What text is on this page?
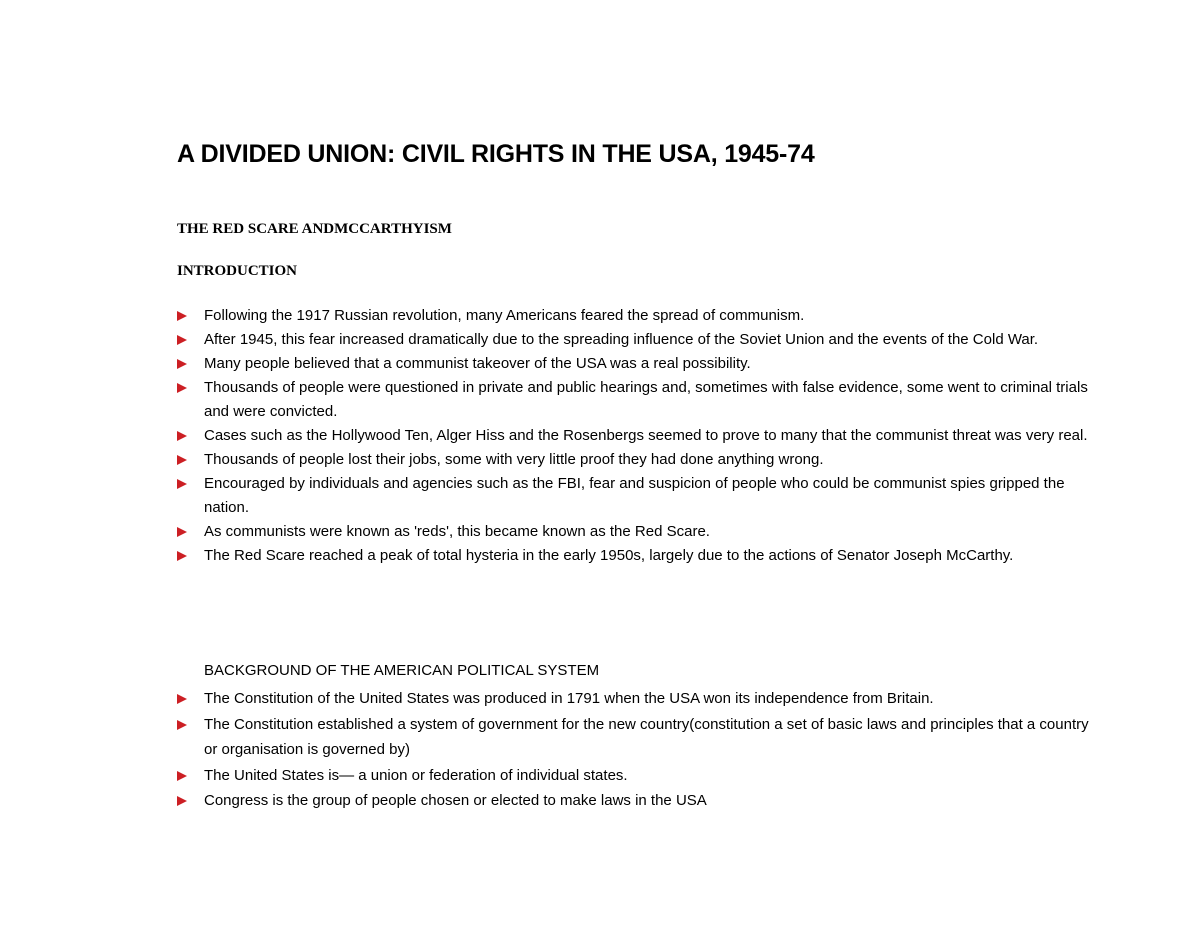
A DIVIDED UNION: CIVIL RIGHTS IN THE USA, 1945-74
THE RED SCARE ANDMCCARTHYISM
INTRODUCTION
Following the 1917 Russian revolution, many Americans feared the spread of communism.
After 1945, this fear increased dramatically due to the spreading influence of the Soviet Union and the events of the Cold War.
Many people believed that a communist takeover of the USA was a real possibility.
Thousands of people were questioned in private and public hearings and, sometimes with false evidence, some went to criminal trials and were convicted.
Cases such as the Hollywood Ten, Alger Hiss and the Rosenbergs seemed to prove to many that the communist threat was very real.
Thousands of people lost their jobs, some with very little proof they had done anything wrong.
Encouraged by individuals and agencies such as the FBI, fear and suspicion of people who could be communist spies gripped the nation.
As communists were known as 'reds', this became known as the Red Scare.
The Red Scare reached a peak of total hysteria in the early 1950s, largely due to the actions of Senator Joseph McCarthy.
BACKGROUND OF THE AMERICAN POLITICAL SYSTEM
The Constitution of the United States was produced in 1791 when the USA won its independence from Britain.
The Constitution established a system of government for the new country(constitution a set of basic laws and principles that a country or organisation is governed by)
The United States is— a union or federation of individual states.
Congress is the group of people chosen or elected to make laws in the USA
